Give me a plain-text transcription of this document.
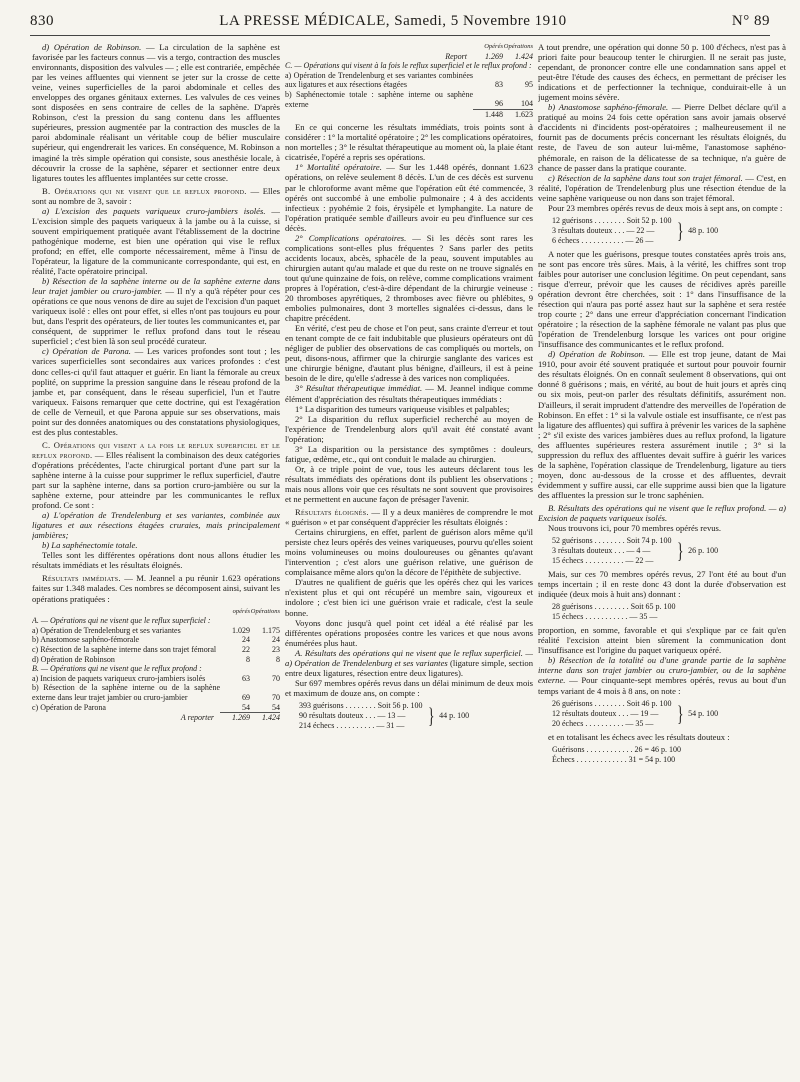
830	LA PRESSE MÉDICALE, Samedi, 5 Novembre 1910	N° 89

d) Opération de Robinson. — La circulation de la saphène est favorisée par les facteurs connus — vis a tergo, contraction des muscles environnants, disposition des valvules — ; elle est contrariée, empêchée par les veines affluentes qui viennent se jeter sur la crosse de cette veine, veines superficielles de la paroi abdominale et celles des enveloppes des organes génitaux externes. Les valvules de ces veines sont disposées en sens contraire de celles de la saphène. D'après Robinson, c'est la pression du sang contenu dans les affluentes supérieures, pression augmentée par la contraction des muscles de la paroi abdominale réalisant un véritable coup de bélier musculaire supérieur, qui engendrerait les varices. En conséquence, M. Robinson a imaginé la très simple opération qui consiste, sous anesthésie locale, à découvrir la crosse de la saphène, séparer et sectionner entre deux ligatures toutes les affluentes implantées sur cette crosse.

B. Opérations qui ne visent que le reflux profond. — Elles sont au nombre de 3, savoir :

a) L'excision des paquets variqueux cruro-jambiers isolés. — L'excision simple des paquets variqueux à la jambe ou à la cuisse, si souvent empiriquement pratiquée avant l'établissement de la doctrine pathogénique moderne, est bien une opération qui vise le reflux profond; en effet, elle comporte nécessairement, même à l'insu de l'opérateur, la ligature de la communicante correspondante, qui est, en réalité, l'acte opératoire principal.

b) Résection de la saphène interne ou de la saphène externe dans leur trajet jambier ou cruro-jambier. — Il n'y a qu'à répéter pour ces opérations ce que nous venons de dire au sujet de l'excision d'un paquet variqueux isolé : elles ont pour effet, si elles n'ont pas toujours eu pour but, dans l'esprit des opérateurs, de lier toutes les communicantes et, par conséquent, de supprimer le reflux profond dans tout le réseau superficiel ; c'est bien là son seul procédé curateur.

c) Opération de Parona. — Les varices profondes sont tout ; les varices superficielles sont secondaires aux varices profondes : c'est donc celles-ci qu'il faut attaquer et guérir. En liant la fémorale au creux poplité, on supprime la pression sanguine dans le réseau profond de la jambe et, par conséquent, dans le réseau superficiel, l'un et l'autre variqueux. Faisons remarquer que cette doctrine, qui est l'exagération de celle de Verneuil, et que Parona appuie sur ses observations, mais point sur des données anatomiques ou des constatations physiologiques, est des plus contestables.

C. Opérations qui visent a la fois le reflux superficiel et le reflux profond. — Elles réalisent la combinaison des deux catégories d'opérations précédentes, l'acte chirurgical portant d'une part sur la saphène interne à la cuisse pour supprimer le reflux superficiel, d'autre part sur la saphène interne, dans sa portion cruro-jambière ou sur la saphène externe, pour atteindre par les communicantes le reflux profond. Ce sont :

a) L'opération de Trendelenburg et ses variantes, combinée aux ligatures et aux résections étagées cruraies, mais principalement jambières;

b) La saphénectomie totale.

Telles sont les différentes opérations dont nous allons étudier les résultats immédiats et les résultats éloignés.

Résultats immédiats. — M. Jeannel a pu réunir 1.623 opérations faites sur 1.348 malades. Ces nombres se décomposent ainsi, suivant les opérations pratiquées :

	opérés	Opérations
A. — Opérations qui ne visent que le reflux superficiel :		
a) Opération de Trendelenburg et ses variantes	1.029	1.175
b) Anastomose saphéno-fémorale	24	24
c) Résection de la saphène interne dans son trajet fémoral	22	23
d) Opération de Robinson	8	8
B. — Opérations qui ne visent que le reflux profond :		
a) Incision de paquets variqueux cruro-jambiers isolés	63	70
b) Résection de la saphène interne ou de la saphène externe dans leur trajet jambier ou cruro-jambier	69	70
c) Opération de Parona	54	54
A reporter	1.269	1.424
	Opérés	Opérations
Report	1.269	1.424
C. — Opérations qui visent à la fois le reflux superficiel et le reflux profond :		
a) Opération de Trendelenburg et ses variantes combinées aux ligatures et aux résections étagées	83	95
b) Saphénectomie totale : saphène interne ou saphène externe	96	104
	1.448	1.623

En ce qui concerne les résultats immédiats, trois points sont à considérer : 1° la mortalité opératoire ; 2° les complications opératoires, non mortelles ; 3° le résultat thérapeutique au moment où, la plaie étant cicatrisée, l'opéré a repris ses opérations.

1° Mortalité opératoire. — Sur les 1.448 opérés, donnant 1.623 opérations, on relève seulement 8 décès. L'un de ces décès est survenu par le chloroforme avant même que l'opération eût été commencée, 3 opérés ont succombé à une embolie pulmonaire ; 4 à des accidents infectieux : pyohémie 2 fois, érysipèle et lymphangite. La nature de l'opération pratiquée semble d'ailleurs avoir eu peu d'influence sur ces décès.

2° Complications opératoires. — Si les décès sont rares les complications sont-elles plus fréquentes ? Sans parler des petits accidents locaux, abcès, sphacèle de la peau, souvent imputables au chirurgien autant qu'au malade et que du reste on ne trouve signalés en tout qu'une quinzaine de fois, on relève, comme complications vraiment propres à l'opération, c'est-à-dire dépendant de la chirurgie veineuse : 20 thromboses apyrétiques, 2 thromboses avec fièvre ou phlébites, 9 embolies pulmonaires, dont 3 mortelles signalées ci-dessus, dans le chapitre précédent.

En vérité, c'est peu de chose et l'on peut, sans crainte d'erreur et tout en tenant compte de ce fait indubitable que plusieurs opérateurs ont dû négliger de publier des observations de cas compliqués ou mortels, on peut, disons-nous, affirmer que la chirurgie sanglante des varices est une chirurgie bénigne, d'autant plus bénigne, d'ailleurs, il est à peine besoin de le dire, qu'elle s'adresse à des varices non compliquées.

3° Résultat thérapeutique immédiat. — M. Jeannel indique comme élément d'appréciation des résultats thérapeutiques immédiats :

1° La disparition des tumeurs variqueuse visibles et palpables;

2° La disparition du reflux superficiel recherché au moyen de l'expérience de Trendelenburg alors qu'il avait été constaté avant l'opération;

3° La disparition ou la persistance des symptômes : douleurs, fatigue, œdème, etc., qui ont conduit le malade au chirurgien.

Or, à ce triple point de vue, tous les auteurs déclarent tous les résultats immédiats des opérations dont ils publient les observations ; mais nous allons voir que ces résultats ne sont souvent que provisoires et ne permettent en aucune façon de présager l'avenir.

Résultats éloignés. — Il y a deux manières de comprendre le mot « guérison » et par conséquent d'apprécier les résultats éloignés :

Certains chirurgiens, en effet, parlent de guérison alors même qu'il persiste chez leurs opérés des veines variqueuses, pourvu qu'elles soient moins volumineuses ou moins douloureuses ou gênantes qu'avant l'intervention ; c'est alors une guérison relative, une guérison de complaisance même alors qu'on la décore de l'épithète de subjective.

D'autres ne qualifient de guéris que les opérés chez qui les varices n'existent plus et qui ont récupéré un membre sain, vigoureux et indolore ; c'est bien ici une guérison vraie et radicale, c'est la seule bonne.

Voyons donc jusqu'à quel point cet idéal a été réalisé par les différentes opérations proposées contre les varices et que nous avons énumérées plus haut.

A. Résultats des opérations qui ne visent que le reflux superficiel. — a) Opération de Trendelenburg et ses variantes (ligature simple, section entre deux ligatures, résection entre deux ligatures).

Sur 697 membres opérés revus dans un délai minimum de deux mois et maximum de douze ans, on compte :

393 guérisons . . . . . . . . Soit 56 p. 100
90 résultats douteux . . . — 13 —
214 échecs . . . . . . . . . . — 31 —	} 44 p. 100

A tout prendre, une opération qui donne 50 p. 100 d'échecs, n'est pas à priori faite pour beaucoup tenter le chirurgien. Il ne serait pas juste, cependant, de prononcer contre elle une condamnation sans appel et peut-être l'étude des causes des échecs, en permettant de préciser les indications et de perfectionner la technique, conduirait-elle à un jugement moins sévère.

b) Anastomose saphéno-fémorale. — Pierre Delbet déclare qu'il a pratiqué au moins 24 fois cette opération sans avoir jamais observé d'accidents ni d'incidents post-opératoires ; malheureusement il ne fournit pas de documents précis concernant les résultats éloignés, du reste, de l'aveu de son auteur lui-même, l'anastomose saphéno-phémorale, en raison de la délicatesse de sa technique, n'a guère de chance de passer dans la pratique courante.

c) Résection de la saphène dans tout son trajet fémoral. — C'est, en réalité, l'opération de Trendelenburg plus une résection étendue de la veine saphène variqueuse ou non dans son trajet fémoral.

Pour 23 membres opérés revus de deux mois à sept ans, on compte :

12 guérisons . . . . . . . . Soit 52 p. 100
3 résultats douteux . . . — 22 —
6 échecs . . . . . . . . . . . — 26 —	} 48 p. 100

A noter que les guérisons, presque toutes constatées après trois ans, ne sont pas encore très sûres. Mais, à la vérité, les chiffres sont trop faibles pour autoriser une conclusion légitime. On peut cependant, sans risque d'erreur, prévoir que les causes de récidives après pareille opération devront être cherchées, soit : 1° dans l'insuffisance de la résection qui n'aura pas porté assez haut sur la saphène et sera restée trop courte ; 2° dans une erreur d'appréciation concernant l'indication opératoire ; la résection de la saphène fémorale ne valant pas plus que l'opération de Trendelenburg lorsque les varices ont pour origine l'insuffisance des communicantes et le reflux profond.

d) Opération de Robinson. — Elle est trop jeune, datant de Mai 1910, pour avoir été souvent pratiquée et surtout pour pouvoir fournir des résultats éloignés. On en connaît seulement 8 observations, qui ont donné 8 guérisons ; mais, en vérité, au bout de huit jours et après cinq ou six mois, peut-on parler des résultats définitifs, assurément non. D'ailleurs, il serait imprudent d'attendre des merveilles de l'opération de Robinson. En effet : 1° si la valvule ostiale est insuffisante, ce n'est pas la ligature des affluentes) qui suffira à prévenir les varices de la saphène ; 2° s'il existe des varices jambières dues au reflux profond, la ligature des affluentes supérieures restera assurément inutile ; 3° si la suppression du reflux des affluentes devait suffire à guérir les varices de la saphène, l'opération classique de Trendelenburg, ligature au tiers moyen, donc au-dessous de la crosse et des affluentes, devrait évidemment y suffire aussi, car elle supprime aussi bien que la ligature des affluentes la pression sur le tronc saphénien.

B. Résultats des opérations qui ne visent que le reflux profond. — a) Excision de paquets variqueux isolés.

Nous trouvons ici, pour 70 membres opérés revus.

52 guérisons . . . . . . . . Soit 74 p. 100
3 résultats douteux . . . — 4 —
15 échecs . . . . . . . . . . — 22 —	} 26 p. 100

Mais, sur ces 70 membres opérés revus, 27 l'ont été au bout d'un temps incertain ; il en reste donc 43 dont la durée d'observation est indiquée (deux mois à huit ans) donnant :

28 guérisons . . . . . . . . . Soit 65 p. 100
15 échecs . . . . . . . . . . . — 35 —

proportion, en somme, favorable et qui s'explique par ce fait qu'en réalité l'excision atteint bien sûrement la communication dont l'insuffisance est l'origine du paquet variqueux opéré.

b) Résection de la totalité ou d'une grande partie de la saphène interne dans son trajet jambier ou cruro-jambier, ou de la saphène externe. — Pour cinquante-sept membres opérés, revus au bout d'un temps variant de 4 mois à 8 ans, on note :

26 guérisons . . . . . . . . Soit 46 p. 100
12 résultats douteux . . . — 19 —
20 échecs . . . . . . . . . . — 35 —	} 54 p. 100

et en totalisant les échecs avec les résultats douteux :

Guérisons . . . . . . . . . . . . 26 = 46 p. 100
Échecs . . . . . . . . . . . . . 31 = 54 p. 100
